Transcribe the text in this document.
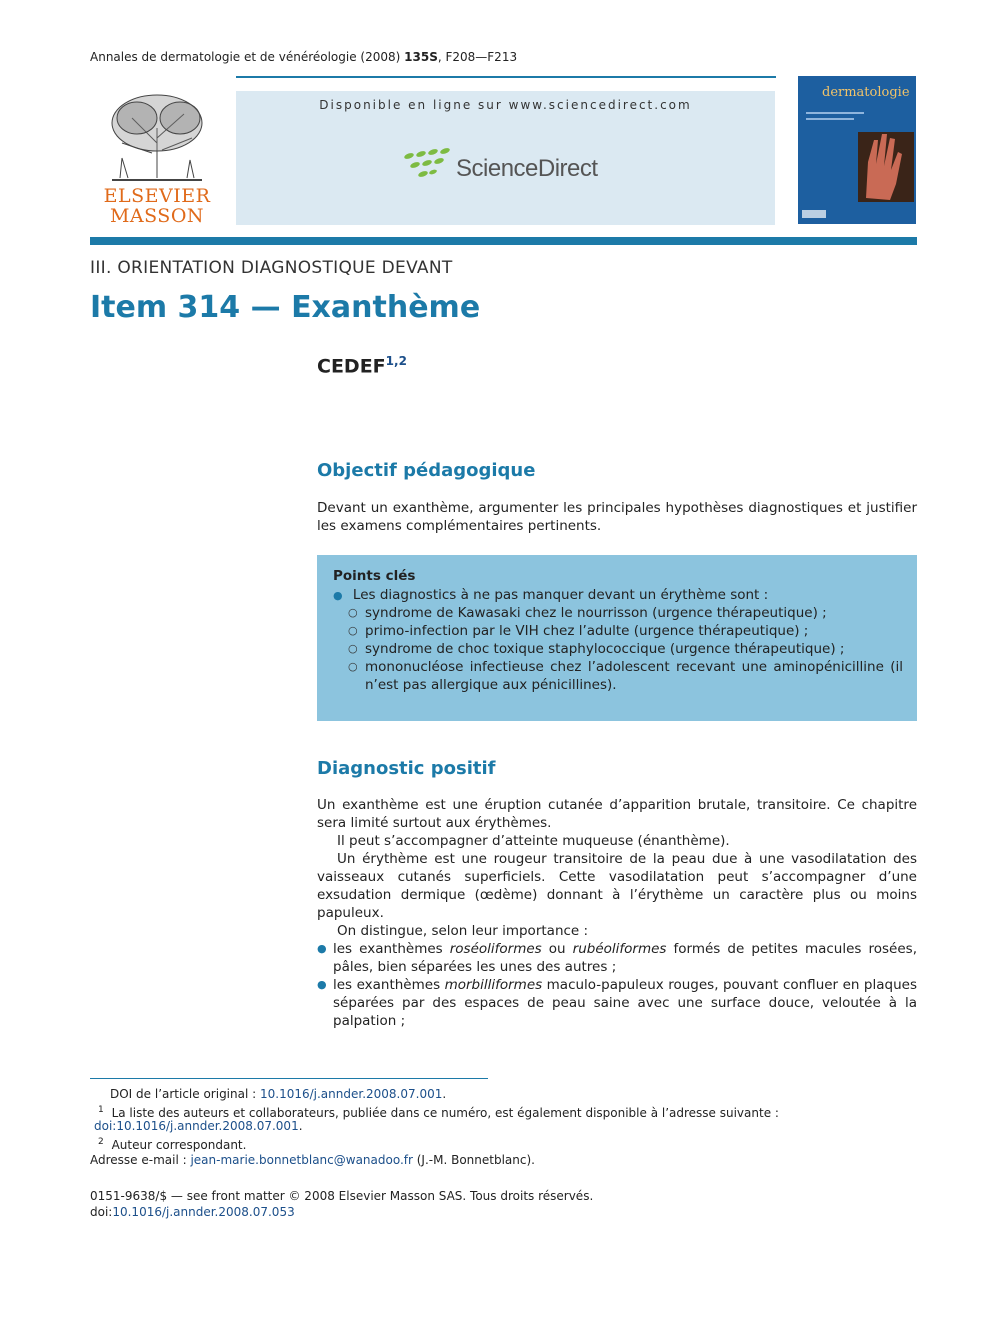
Annales de dermatologie et de vénéréologie (2008) 135S, F208—F213
ELSEVIER
MASSON
Disponible en ligne sur www.sciencedirect.com
ScienceDirect
dermatologie
III. ORIENTATION DIAGNOSTIQUE DEVANT
Item 314 — Exanthème
CEDEF$^{1,2}$
Objectif pédagogique
Devant un exanthème, argumenter les principales hypothèses diagnostiques et justifier les examens complémentaires pertinents.
Points clés
● Les diagnostics à ne pas manquer devant un érythème sont :
○ syndrome de Kawasaki chez le nourrisson (urgence thérapeutique) ;
○ primo-infection par le VIH chez l’adulte (urgence thérapeutique) ;
○ syndrome de choc toxique staphylococcique (urgence thérapeutique) ;
○ mononucléose infectieuse chez l’adolescent recevant une aminopénicilline (il n’est pas allergique aux pénicillines).
Diagnostic positif
Un exanthème est une éruption cutanée d’apparition brutale, transitoire. Ce chapitre sera limité surtout aux érythèmes.
Il peut s’accompagner d’atteinte muqueuse (énanthème).
Un érythème est une rougeur transitoire de la peau due à une vasodilatation des vaisseaux cutanés superficiels. Cette vasodilatation peut s’accompagner d’une exsudation dermique (œdème) donnant à l’érythème un caractère plus ou moins papuleux.
On distingue, selon leur importance :
● les exanthèmes roséoliformes ou rubéoliformes formés de petites macules rosées, pâles, bien séparées les unes des autres ;
● les exanthèmes morbilliformes maculo-papuleux rouges, pouvant confluer en plaques séparées par des espaces de peau saine avec une surface douce, veloutée à la palpation ;
DOI de l’article original : 10.1016/j.annder.2008.07.001.
$^1$ La liste des auteurs et collaborateurs, publiée dans ce numéro, est également disponible à l’adresse suivante :
doi:10.1016/j.annder.2008.07.001.
$^2$ Auteur correspondant.
Adresse e-mail : jean-marie.bonnetblanc@wanadoo.fr (J.-M. Bonnetblanc).
0151-9638/$ — see front matter © 2008 Elsevier Masson SAS. Tous droits réservés.
doi:10.1016/j.annder.2008.07.053
